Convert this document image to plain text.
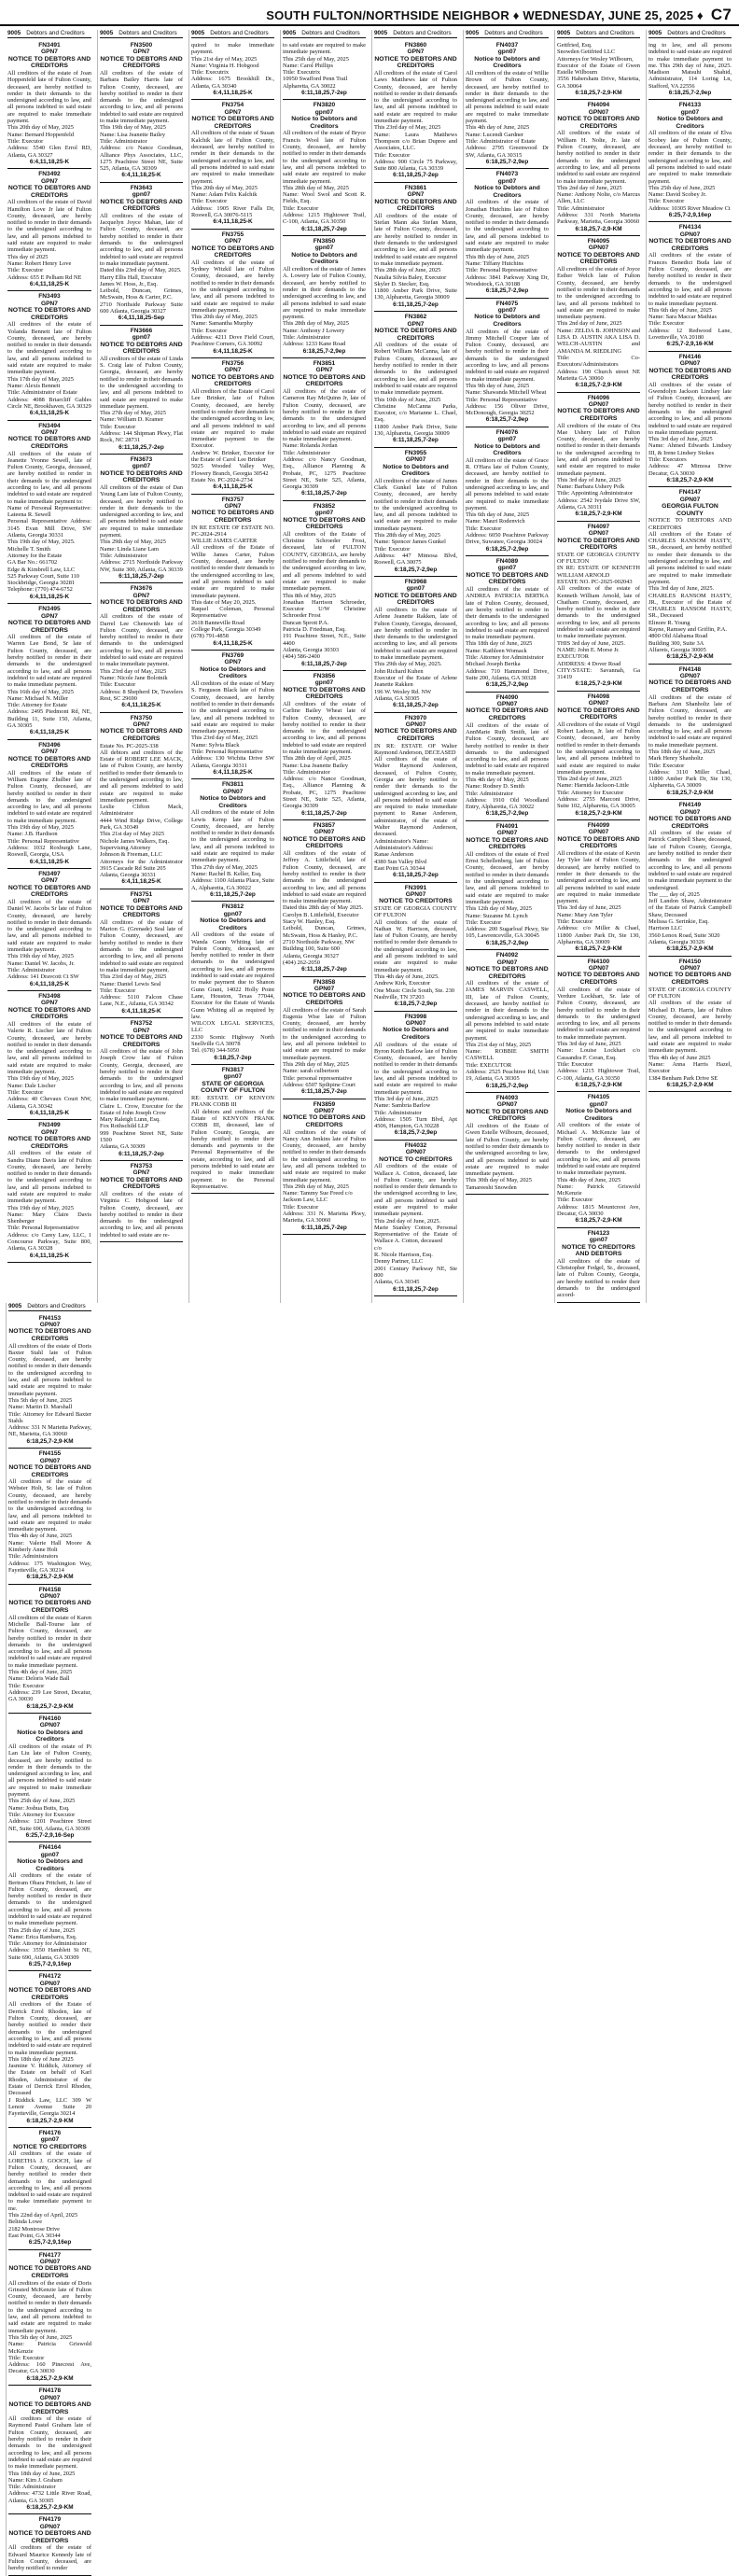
SOUTH FULTON/NORTHSIDE NEIGHBOR ♦ WEDNESDAY, JUNE 25, 2025 ♦ C7
9005 Debtors and Creditors
FN3491
GPN7
NOTICE TO DEBTORS AND CREDITORS
All creditors of the estate of Joan Hoppenfeld late of Fulton County, deceased, are hereby notified to render in their demands to the undersigned according to law, and all persons indebted to said estate are required to make immediate payment.
This 20th day of May, 2025
Name: Bernard Hoppenfeld
Title: Executor
Address: 5540 Glen Errol RD, Atlanta, GA 30327
6:4,11,18,25-K
FN3492
GPN7
NOTICE TO DEBTORS AND CREDITORS
All creditors of the estate of David Hamilton Love Jr late of Fulton County, deceased, are hereby notified to render in their demands to the undersigned according to law, and all persons indebted to said estate are required to make immediate payment.
This day of 2025
Name: Robert Henry Love
Title: Executor
Address: 655 E Pelham Rd NE
6:4,11,18,25-K
FN3493
GPN7
NOTICE TO DEBTORS AND CREDITORS
All creditors of the estate of Yolanda Bennett late of Fulton County, deceased, are hereby notified to render in their demands to the undersigned according to law, and all persons indebted to said estate are required to make immediate payment.
This 17th day of May, 2025
Name: Alexis Bennett
Title: Administrator of Estate
Address: 4088 Briarcliff Gables Circle NE, Brookhaven, GA 30329
6:4,11,18,25-K
FN3494
GPN7
NOTICE TO DEBTORS AND CREDITORS
All creditors of the estate of Jeanette Yvonne Sewell, late of Fulton County, Georgia, deceased, are hereby notified to render in their demands to the undersigned according to law, and all persons indebted to said estate are required to make immediate payment to:
Name of Personal Representative: Lateena R. Sewell
Personal Representative Address: 3145 Evan Mill Drive, SW Atlanta, Georgia 30331
This 19th day of May, 2025.
Michelle T. Smith
Attorney for the Estate
GA Bar No.: 661702
Edge & Kimbrell Law, LLC
525 Parkway Court, Suite 110
Stockbridge, Georgia 30281
Telephone: (770) 474-6752
6:4,11,18,25-K
FN3495
GPN7
NOTICE TO DEBTORS AND CREDITORS
All creditors of the estate of Warren Lee Bond, Sr late of Fulton County, deceased, are hereby notified to render in their demands to the undersigned according to law, and all persons indebted to said estate are required to make immediate payment.
This 16th day of May, 2025
Name: Michael N. Miller
Title: Attorney for Estate
Address: 2495 Piedmont Rd, NE, Building 11, Suite 150, Atlanta, GA 30305
6:4,11,18,25-K
FN3496
GPN7
NOTICE TO DEBTORS AND CREDITORS
All creditors of the estate of William Eugene Zhulber late of Fulton County, deceased, are hereby notified to render in their demands to the undersigned according to law, and all persons indebted to said estate are required to make immediate payment.
This 19th day of May, 2025
Name: J.B. Hardison
Title: Personal Representative
Address: 1032 Roxburgh Lane, Roswell, Georgia, USA
6:4,11,18,25-K
FN3497
GPN7
NOTICE TO DEBTORS AND CREDITORS
All creditors of the estate of Daniel W. Jacobs Sr late of Fulton County, deceased, are hereby notified to render in their demands to the undersigned according to law, and all persons indebted to said estate are required to make immediate payment.
This 19th day of May, 2025
Name: Daniel W. Jacobs, Jr.
Title: Administrator
Address: 141 Dravcott Ct SW
6:4,11,18,25-K
FN3498
GPN7
NOTICE TO DEBTORS AND CREDITORS
All creditors of the estate of Valerie R. Lischer late of Fulton County, deceased, are hereby notified to render in their demands to the undersigned according to law, and all persons indebted to said estate are required to make immediate payment.
This 19th day of May, 2025
Name: Dale Lischer
Title: Executor
Address: 40 Chevaux Court NW, Atlanta, GA 30342
6:4,11,18,25-K
FN3499
GPN7
NOTICE TO DEBTORS AND CREDITORS
All creditors of the estate of Sandra Diane Davis late of Fulton County, deceased, are hereby notified to render in their demands to the undersigned according to law, and all persons indebted to said estate are required to make immediate payment.
This 19th day of May, 2025
Name: Mary Claire Davis Shenberger
Title: Personal Representative
Address: c/o Carey Law, LLC, 1 Concourse Parkway, Suite 800, Atlanta, GA 30328
6:4,11,18,25-K
9005 Debtors and Creditors
FN3500
GPN7
NOTICE TO DEBTORS AND CREDITORS
All creditors of the estate of Barbara Bailey Harris late of Fulton County, deceased, are hereby notified to render in their demands to the undersigned according to law, and all persons indebted to said estate are required to make immediate payment.
This 19th day of May, 2025
Name: Lisa Jeanette Bailey
Title: Administrator
Address: c/o Nance Goodman, Alliance Phys Associates, LLC, 1275 Peachtree Street NE, Suite 525, Atlanta, GA 30309
6:4,11,18,25-K
FN3643
gpn07
NOTICE TO DEBTORS AND CREDITORS
All creditors of the estate of Jacquelyn Joyce Mahan, late of Fulton County, deceased, are hereby notified to render in their demands to the undersigned according to law, and all persons indebted to said estate are required to make immediate payment.
Dated this 23rd day of May, 2025.
Harry Ellis Hall, Executor
James W. Hoss, Jr., Esq.
Leibold, Duncan, Grimes, McSwain, Hoss & Carter, P.C.
2710 Northside Parkway Suite 600 Atlanta, Georgia 30327
6:4,11,18,25-Sep
FN3666
gpn07
NOTICE TO DEBTORS AND CREDITORS
All creditors of the estate of Linda S. Craig late of Fulton County, Georgia, deceased, are hereby notified to render in their demands to the undersigned according to law, and all persons indebted to said estate are required to make immediate payment.
This 27th day of May, 2025
Name: William D. Kramer
Title: Executor
Address: 144 Shipman Pkwy, Flat Rock, NC 28731
6:11,18,25,7-2ep
FN3673
gpn07
NOTICE TO DEBTORS AND CREDITORS
All creditors of the estate of Dan Young Lam late of Fulton County, deceased, are hereby notified to render in their demands to the undersigned according to law, and all persons indebted to said estate are required to make immediate payment.
This 29th day of May, 2025
Name: Linda Liane Lam
Title: Administrator
Address: 2715 Northside Parkway NW, Suite 300, Atlanta, GA 30339
6:11,18,25,7-2ep
FN3676
GPN7
NOTICE TO DEBTORS AND CREDITORS
All creditors of the estate of Darrel Lee Chenowith late of Fulton County, deceased, are hereby notified to render in their demands to the undersigned according to law, and all persons indebted to said estate are required to make immediate payment.
This 23rd day of May, 2025
Name: Nicole Jane Bolotnik
Title: Executor
Address: 8 Shepherd Dr, Travelers Rest, SC 29690
6:4,11,18,25-K
FN3750
GPN7
NOTICE TO DEBTORS AND CREDITORS
Estate No. PC-2025-338
All debtors and creditors of the Estate of ROBERT LEE MACK, late of Fulton County, are hereby notified to render their demands to the undersigned according to law, and all persons indebted to said estate are required to make immediate payment.
Leslie Clifton Mack, Administrator
4444 Wind Ridge Drive, College Park, GA 30349
This 21st day of May 2025
Nichole James Walkers, Esq.
Supervising Attorney
Johnson & Freeman, LLC
Attorneys for the Administrator 3915 Cascade Rd Suite 205
Atlanta, Georgia 30331
6:4,11,18,25-K
FN3751
GPN7
NOTICE TO DEBTORS AND CREDITORS
All creditors of the estate of Marion G. (Grenade) Seal late of Fulton County, deceased, are hereby notified to render in their demands to the undersigned according to law, and all persons indebted to said estate are required to make immediate payment.
This 23rd day of May, 2025
Name: Daniel Lewis Seal
Title: Executor
Address: 5110 Falcon Chase Lane, N.E., Atlanta, GA 30342
6:4,11,18,25-K
FN3752
GPN7
NOTICE TO DEBTORS AND CREDITORS
All creditors of the estate of John Joseph Crow late of Fulton County, Georgia, deceased, are hereby notified to render in their demands to the undersigned according to law, and all persons indebted to said estate are required to make immediate payment.
Claire L. Crow, Executor for the Estate of John Joseph Crow
Mary Raleigh Lunn, Esq.
Fox Rothschild LLP
999 Peachtree Street NE, Suite 1500
Atlanta, GA 30309
6:11,18,25,7-2ep
FN3753
GPN7
NOTICE TO DEBTORS AND CREDITORS
All creditors of the estate of Virginia C. Hobgood late of Fulton County, deceased, are hereby notified to render in their demands to the undersigned according to law, and all persons indebted to said estate are re-
9005 Debtors and Creditors
quired to make immediate payment.
This 21st day of May, 2025
Name: Virginia H. Hobgood
Title: Executrix
Address: 1675 Brookhill Dr., Atlanta, GA 30340
6:4,11,18,25-K
FN3754
GPN7
NOTICE TO DEBTORS AND CREDITORS
All creditors of the estate of Susan Kalchik late of Fulton County, deceased, are hereby notified to render in their demands to the undersigned according to law, and all persons indebted to said estate are required to make immediate payment.
This 20th day of May, 2025
Name: Adam Felix Kalchik
Title: Executor
Address: 1905 River Falls Dr, Roswell, GA 30076-5115
6:4,11,18,25-K
FN3755
GPN7
NOTICE TO DEBTORS AND CREDITORS
All creditors of the estate of Sydney Witzkil late of Fulton County, deceased, are hereby notified to render in their demands to the undersigned according to law, and all persons indebted to said estate are required to make immediate payment.
This 20th day of May, 2025
Name: Samantha Murphy
Title: Executor
Address: 4211 Dove Field Court, Peachtree Corners, GA 30092
6:4,11,18,25-K
FN3756
GPN7
NOTICE TO DEBTORS AND CREDITORS
All creditors of the Estate of Carol Lee Brinker, late of Fulton County, deceased, are hereby notified to render their demands to the undersigned according to law, and all persons indebted to said estate are required to make immediate payment to the Executor.
Andrew W. Brinker, Executor for the Estate of Carol Lee Brinker
5025 Wooded Valley Way, Flowery Branch, Georgia 30542
Estate No. PC-2024-2734
6:4,11,18,25-K
FN3757
GPN7
NOTICE TO DEBTORS AND CREDITORS
IN RE ESTATE OF ESTATE NO. PC-2024-2914
WILLIE JAMES CARTER
All creditors of the Estate of Willie James Carter, Fulton County, deceased, are hereby notified to render their demands to the undersigned according to law, and all persons indebted to said estate are required to make immediate payment.
This date of May 20, 2025.
Raquel Coleman, Personal Representative
2618 Banneville Road
College Park, Georgia 30349
(678) 791-4858
6:4,11,18,25-K
FN3769
GPN7
Notice to Debtors and Creditors
All creditors of the estate of Mary S. Ferguson Black late of Fulton County, deceased, are hereby notified to render in their demands to the undersigned according to law, and all persons indebted to said estate are required to make immediate payment.
This 23rd day of May, 2025
Name: Sylvia Black
Title: Personal Representative
Address: 130 Wichita Drive SW Atlanta, Georgia 30311
6:4,11,18,25-K
FN3811
GPN07
Notice to Debtors and Creditors
All creditors of the estate of John Lewis Kemp late of Fulton County, deceased, are hereby notified to render in their demands to the undersigned according to law, and all persons indebted to said estate are required to make immediate payment.
This 27th day of May, 2025
Name: Rachel B. Keller, Esq.
Address: 1100 Atlanta Place, Suite A, Alpharetta, GA 30022
6:11,18,25,7-2ep
FN3812
gpn07
Notice to Debtors and Creditors
All creditors of the estate of Wanda Gunn Whiting late of Fulton County, deceased, are hereby notified to render in their demands to the undersigned according to law, and all persons indebted to said estate are required to make payment due to Shanon Gunn Grant, 14022 Holly Point Lane, Houston, Texas 77044, Executor for the Estate of Wanda Gunn Whiting all as required by law.
WILCOX LEGAL SERVICES, LLC
2330 Scenic Highway North Snellville GA 30078
Tel. (678) 344-5050
6:18,25,7-2ep
FN3817
gpn07
STATE OF GEORGIA COUNTY OF FULTON
RE: ESTATE OF KENYON FRANK COBB III
All debtors and creditors of the Estate of KENYON FRANK COBB III, deceased, late of Fulton County, Georgia, are hereby notified to render their demands and payments to the Personal Representative of the estate, according to law, and all persons indebted to said estate are required to make immediate payment to the Personal Representative.
9005 Debtors and Creditors
to said estate are required to make immediate payment.
This 25th day of May, 2025
Name: Carol Phillips
Title: Executrix
10950 Swafford Penn Trail
Alpharetta, GA 30022
6:11,18,25,7-2ep
FN3820
gpn07
Notice to Debtors and Creditors
All creditors of the estate of Bryce Francis Wool late of Fulton County, deceased, are hereby notified to render in their demands to the undersigned according to law, and all persons indebted to said estate are required to make immediate payment.
This 28th day of May, 2025
Name: Wool Swol and Scott R. Fields, Esq.
Title: Executor
Address: 1215 Hightower Trail, C-100, Atlanta, GA 30350
6:11,18,25,7-2ep
FN3850
gpn07
Notice to Debtors and Creditors
All creditors of the estate of James A. Lowery late of Fulton County, deceased, are hereby notified to render in their demands to the undersigned according to law, and all persons indebted to said estate are required to make immediate payment.
This 28th day of May, 2025
Name: Anthony J Lowery
Title: Administrator
Address: 1233 Kane Road
6:18,25,7-2,9ep
FN3851
GPN7
NOTICE TO DEBTORS AND CREDITORS
All creditors of the estate of Cameron Ray McQuinn Jr, late of Fulton County, deceased, are hereby notified to render in their demands to the undersigned according to law, and all persons indebted to said estate are required to make immediate payment.
Name: Rolanda Jordan
Title: Administrator
Address: c/o Nancy Goodman, Esq., Alliance Planning & Probate, PC, 1275 Peachtree Street NE, Suite 525, Atlanta, Georgia 30309
6:11,18,25,7-2ep
FN3852
gpn07
NOTICE TO DEBTORS AND CREDITORS
All creditors of the Estate of Christine Schroeder Frost, deceased, late of FULTON COUNTY, GEORGIA, are hereby notified to render their demands to the undersigned according to law, and all persons indebted to said estate are required to make immediate payment.
This 8th of May, 2025
Jonathan Harrison Schroeder, Executor U/W Christine Schroeder Frost
Duncan Sprott P.A.
Patricia D. Friedman, Esq.
191 Peachtree Street, N.E., Suite 4400
Atlanta, Georgia 30303
(404) 586-2400
6:11,18,25,7-2ep
FN3856
gpn07
NOTICE TO DEBTORS AND CREDITORS
All creditors of the estate of Carline Bailey Wheat late of Fulton County, deceased, are hereby notified to render in their demands to the undersigned according to law, and all persons indebted to said estate are required to make immediate payment.
This 28th day of April, 2025
Name: Lisa Jeanette Bailey
Title: Administrator
Address: c/o Nance Goodman, Esq., Alliance Planning & Probate, PC, 1275 Peachtree Street NE, Suite 525, Atlanta, Georgia 30309
6:11,18,25,7-2ep
FN3857
GPN07
NOTICE TO DEBTORS AND CREDITORS
All creditors of the estate of Jeffrey A. Littlefield, late of Fulton County, deceased, are hereby notified to render in their demands to the undersigned according to law, and all persons indebted to said estate are required to make immediate payment.
Dated this 28th day of May 2025.
Carolyn B. Littlefield, Executor
Stacy W. Hanley, Esq.
Leibold, Duncan, Grimes, McSwain, Hoss & Hanley, P.C.
2710 Northside Parkway, NW
Building 100, Suite 600
Atlanta, Georgia 30327
(404) 262-2050
6:11,18,25,7-2ep
FN3858
GPN07
NOTICE TO DEBTORS AND CREDITORS
All creditors of the estate of Sarah Eugenia Wise late of Fulton County, deceased, are hereby notified to render in their demands to the undersigned according to law, and all persons indebted to said estate are required to make immediate payment.
This 29th day of May, 2025
Name: sarah culbertson
Title: personal representative
Address: 6507 Spiltpine Court
6:11,18,25,7-2ep
FN3859
GPN07
NOTICE TO DEBTORS AND CREDITORS
All creditors of the estate of Nancy Ann Jenkins late of Fulton County, deceased, are hereby notified to render in their demands to the undersigned according to law, and all persons indebted to said estate are required to make immediate payment.
This 29th day of May, 2025
Name: Tammy Sue Freed c/o
Jackson Law, LLC
Title: Executor
Address: 331 N. Marietta Pkwy, Marietta, GA 30060
6:11,18,25,7-2ep
9005 Debtors and Creditors
FN3860
GPN7
NOTICE TO DEBTORS AND CREDITORS
All creditors of the estate of Carol Laws Matthews late of Fulton County, deceased, are hereby notified to render in their demands to the undersigned according to law, and all persons indebted to said estate are required to make immediate payment.
This 23rd day of May, 2025
Name: Laura Matthews Thompson c/o Brian Dupree and Associates, LLC.
Title: Executor
Address: 900 Circle 75 Parkway, Suite 800 Atlanta, GA 30339
6:11,18,25,7-2ep
FN3861
GPN7
NOTICE TO DEBTORS AND CREDITORS
All creditors of the estate of Stefan Mann aka Stefan Mann, late of Fulton County, deceased, are hereby notified to render in their demands to the undersigned according to law, and all persons indebted to said estate are required to make immediate payment.
This 28th day of June, 2025
Natalia Silvia Baley, Executor
Skyler D. Stecker, Esq.
11800 Amber Park Drive, Suite 130, Alpharetta, Georgia 30009
6:11,18,25,7-2ep
FN3862
GPN7
NOTICE TO DEBTORS AND CREDITORS
All creditors of the estate of Robert William McCanna, late of Fulton County, deceased, are hereby notified to render in their demands to the undersigned according to law, and all persons indebted to said estate are required to make immediate payment.
This 10th day of June, 2025
Christine McCanna Parks, Executor, c/o Marianne L. Chael, Esq.
11800 Amber Park Drive, Suite 130, Alpharetta, Georgia 30009
6:11,18,25,7-2ep
FN3955
GPN07
Notice to Debtors and Creditors
All creditors of the estate of James Clark Gunkel late of Fulton County, deceased, are hereby notified to render in their demands to the undersigned according to law, and all persons indebted to said estate are required to make immediate payment.
This 28th day of May, 2025
Name: Spencer James Gunkel
Title: Executor
Address: 447 Mimosa Blvd, Roswell, GA 30075
6:18,25,7-2,9ep
FN3968
gpn07
NOTICE TO DEBTORS AND CREDITORS
All creditors to the estate of Arlene Jeanette Rakken, late of Fulton County, Georgia, deceased, are hereby notified to render in their demands to the undersigned according to law, and all persons indebted to said estate are required to make immediate payment.
This 29th day of May, 2025.
John Richard Kuhen
Executor of the Estate of Arlene Jeanette Rakken
196 W. Wesley Rd. NW
Atlanta, GA 30305
6:11,18,25,7-2ep
FN3970
GPN07
NOTICE TO DEBTORS AND CREDITORS
IN RE: ESTATE OF Walter Raymond Anderson, DECEASED
All creditors of the estate of Walter Raymond Anderson, deceased, of Fulton County, Georgia are hereby notified to render their demands to the undersigned according to law, and all persons indebted to said estate are required to make immediate payment to Ranae Anderson, administrator, of the estate of Walter Raymond Anderson, deceased.
Administrator's Name:
Administrator's Address:
Ranae Anderson
4380 Sun Valley Blvd
East Point GA 30344
6:11,18,25,7-2ep
FN3991
GPN07
NOTICE TO CREDITORS
STATE OF GEORGIA COUNTY OF FULTON
All creditors of the estate of Nathan W. Harrison, deceased, late of Fulton County, are hereby notified to render their demands to the undersigned according to law, and all persons indebted to said estate are required to make immediate payment.
This 4th day of June, 2025.
Andrew Kirk, Executor
One Music Circle South, Ste. 230
Nashville, TN 37203
6:18,25,7-2,9ep
FN3998
GPN07
Notice to Debtors and Creditors
All creditors of the estate of Byron Keith Barlow late of Fulton County, deceased, are hereby notified to render in their demands to the undersigned according to law, and all persons indebted to said estate are required to make immediate payment.
This 3rd day of June, 2025
Name: Sambria Barlow
Title: Administrator
Address: 1505 Turn Blvd, Apt 4506, Hampton, GA 30228
6:18,25,7-2,9ep
FN4032
GPN07
NOTICE TO CREDITORS
All creditors of the estate of Wallace A. Cotton, deceased, late of Fulton County, are hereby notified to render their demands to the undersigned according to law, and all persons indebted to said estate are required to make immediate payment.
This 2nd day of June, 2025.
Marie Stanley Cotton, Personal Representative of the Estate of Wallace A. Cotton, deceased
c/o
R. Nicole Harrison, Esq.
Denny Partner, LLC
2001 Century Parkway NE, Ste 800
Atlanta, GA 30345
6:11,18,25,7-2ep
9005 Debtors and Creditors
FN4037
gpn07
Notice to Debtors and Creditors
All creditors of the estate of Willie Brown of Fulton County, deceased, are hereby notified to render in their demands to the undersigned according to law, and all persons indebted to said estate are required to make immediate payment.
This 4th day of June, 2025
Name: Lucendi Gardner
Title: Administrator of Estate
Address: 2795 Greenwood Dr SW, Atlanta, GA 30315
6:18,25,7-2,9ep
FN4073
gpn07
Notice to Debtors and Creditors
All creditors of the estate of Jonathan Hutchins late of Fulton County, deceased, are hereby notified to render in their demands to the undersigned according to law, and all persons indebted to said estate are required to make immediate payment.
This 8th day of June, 2025
Name: Tiffany Hutchins
Title: Personal Representative
Address: 3841 Parkway Xing Dr, Woodstock, GA 30188
6:18,25,7-2,9ep
FN4075
gpn07
Notice to Debtors and Creditors
All creditors of the estate of Jimmy Mitchell Couper late of Fulton County, deceased, are hereby notified to render in their demands to the undersigned according to law, and all persons indebted to said estate are required to make immediate payment.
This 9th day of June, 2025
Name: Shawanda Mitchell Wheat
Title: Personal Representative
Address: 156 Oliver Drive, McDonough, Georgia 30252
6:18,25,7-2,9ep
FN4076
gpn07
Notice to Debtors and Creditors
All creditors of the estate of Grace R. O'Hara late of Fulton County, deceased, are hereby notified to render in their demands to the undersigned according to law, and all persons indebted to said estate are required to make immediate payment.
This 6th day of June, 2025
Name: Mauri Rodenvich
Title: Executor
Address: 6050 Peachtree Parkway Drive, Suwanee, Georgia 30024
6:18,25,7-2,9ep
FN4089
gpn07
NOTICE TO DEBTORS AND CREDITORS
All creditors of the estate of ANDREA PATRICIA BERTKA late of Fulton County, deceased, are hereby notified to render in their demands to the undersigned according to law, and all persons indebted to said estate are required to make immediate payment.
This 18th day of June, 2025
Name: Kathleen Womack
Title: Attorney for Administrator
Michael Joseph Bertka
Address: 710 Hammond Drive, Suite 200, Atlanta, GA 30328
6:18,25,7-2,9ep
FN4090
GPN07
NOTICE TO DEBTORS AND CREDITORS
All creditors of the estate of AnnMarie Ruth Smith, late of Fulton County, deceased, are hereby notified to render in their demands to the undersigned according to law, and all persons indebted to said estate are required to make immediate payment.
This 4th day of May, 2025
Name: Rodney D. Smith
Title: Administrator
Address: 1910 Old Woodland Entry, Alpharetta, GA 30022
6:18,25,7-2,9ep
FN4091
GPN07
NOTICE TO DEBTORS AND CREDITORS
All creditors of the estate of Fred Ernst Schellenberg, late of Fulton County, deceased, are hereby notified to render in their demands to the undersigned according to law, and all persons indebted to said estate are required to make immediate payment.
This 12th day of May, 2025
Name: Suzanne M. Lynch
Title: Executor
Address: 200 Sugarloaf Pkwy, Ste 105, Lawrenceville, GA 30045
6:18,25,7-2,9ep
FN4092
GPN07
NOTICE TO DEBTORS AND CREDITORS
All creditors of the estate of JAMES MARVIN CASWELL, III, late of Fulton County, deceased, are hereby notified to render in their demands to the undersigned according to law, and all persons indebted to said estate are required to make immediate payment.
This 21st day of May, 2025
Name: ROBBIE SMITH CASWELL
Title: EXECUTOR
Address: 2525 Peachtree Rd, Unit 19, Atlanta, GA 30305
6:18,25,7-2,9ep
FN4093
GPN07
NOTICE TO DEBTORS AND CREDITORS
All creditors of the Estate of Gwen Estelle Wilbourn, deceased, late of Fulton County, are hereby notified to render their demands to the undersigned according to law, and all persons indebted to said estate are required to make immediate payment.
This 30th day of May, 2025
Tamareeshi Snowden
9005 Debtors and Creditors
Gettfried, Esq.
Snowden Gettfried LLC
Attorneys for Wesley Wilbourn,
Executor of the Estate of Gwen Estelle Wilbourn
3556 Habersham Drive, Marietta, GA 30064
6:18,25,7-2,9-KM
FN4094
GPN07
NOTICE TO DEBTORS AND CREDITORS
All creditors of the estate of William H. Nolte, Jr. late of Fulton County, deceased, are hereby notified to render in their demands to the undersigned according to law, and all persons indebted to said estate are required to make immediate payment.
This 2nd day of June, 2025
Name: Anthony Nolte, c/o Marcus Allen, LLC
Title: Administrator
Address: 331 North Marietta Parkway, Marietta, Georgia 30060
6:18,25,7-2,9-KM
FN4095
GPN07
NOTICE TO DEBTORS AND CREDITORS
All creditors of the estate of Joyce Esther Welch late of Fulton County, deceased, are hereby notified to render in their demands to the undersigned according to law, and all persons indebted to said estate are required to make immediate payment.
This 2nd day of June, 2025
Name: ZELDA B. JOHNSON and LISA D. AUSTIN AKA LISA D. WELCH-AUSTIN and AMANDA M. RIEDLING
Title: Co-Executors/Administrators
Address: 190 Church street NE Marietta GA 30060
6:18,25,7-2,9-KM
FN4096
GPN07
NOTICE TO DEBTORS AND CREDITORS
All creditors of the estate of Ora Mae Ushery late of Fulton County, deceased, are hereby notified to render in their demands to the undersigned according to law, and all persons indebted to said estate are required to make immediate payment.
This 3rd day of June, 2025
Name: Barbara Ushery Polk
Title: Appointing Administrator
Address: 2542 Ivydale Drive SW, Atlanta, GA 30311
6:18,25,7-2,9-KM
FN4097
GPN07
NOTICE TO DEBTORS AND CREDITORS
STATE OF GEORGIA COUNTY OF FULTON
IN RE: ESTATE OF KENNETH WILLIAM ARNOLD
ESTATE NO. PC-2025-002043
All creditors of the estate of Kenneth William Arnold, late of Chatham County, deceased, are hereby notified to render in their demands to the undersigned according to law, and all persons indebted to said estate are required to make immediate payment.
THIS 3rd day of June, 2025.
NAME: John E. Morse Jr.
EXECUTOR
ADDRESS: 4 Dover Road
CITY/STATE: Savannah, Ga 31419
6:18,25,7-2,9-KM
FN4098
GPN07
NOTICE TO DEBTORS AND CREDITORS
All creditors of the estate of Virgil Robert Ladson, Jr. late of Fulton County, deceased, are hereby notified to render in their demands to the undersigned according to law, and all persons indebted to said estate are required to make immediate payment.
This 2nd day of June, 2025
Name: Harnida Jackson-Little
Title: Attorney for Executor
Address: 2755 Marconi Drive, Suite 102, Alpharetta, GA 30005
6:18,25,7-2,9-KM
FN4099
GPN07
NOTICE TO DEBTORS AND CREDITORS
All creditors of the estate of Kevin Jay Tyler late of Fulton County, deceased, are hereby notified to render in their demands to the undersigned according to law, and all persons indebted to said estate are required to make immediate payment.
This 3rd day of June, 2025
Name: Mary Ann Tyler
Title: Executor
Address: c/o Miller & Chael, 11800 Amber Park Dr, Ste 130, Alpharetta, GA 30009
6:18,25,7-2,9-KM
FN4100
GPN07
NOTICE TO DEBTORS AND CREDITORS
All creditors of the estate of Verdure Lockhart, Sr. late of Fulton County, deceased, are hereby notified to render in their demands to the undersigned according to law, and all persons indebted to said estate are required to make immediate payment.
This 3rd day of June, 2025
Name: Louise Lockhart c/o Cassandra F. Ceran, Esq.
Title: Executor
Address: 1215 Hightower Trail, C-100, Atlanta, GA 30350
6:18,25,7-2,9-KM
FN4105
gpn07
Notice to Debtors and Creditors
All creditors of the estate of Michael A. McKenzie late of Fulton County, deceased, are hereby notified to render in their demands to the undersigned according to law, and all persons indebted to said estate are required to make immediate payment.
This 4th day of June, 2025
Name: Patrick Griswold McKenzie
Title: Executor
Address: 1815 Mountcrest Ave, Decatur, GA 30030
6:18,25,7-2,9-KM
FN4123
gpn07
NOTICE TO CREDITORS AND DEBTORS
All creditors of the estate of Christopher Fedgel, Sr., deceased, late of Fulton County, Georgia, are hereby notified to render their demands to the undersigned accord-
9005 Debtors and Creditors
ing to law, and all persons indebted to said estate are required to make immediate payment to me. This 29th day of June, 2025. Madison Matsuhi Shahid, Administrator, 114 Loring Ln, Stafford, VA 22556
6:18,25,7-2,9ep
FN4133
gpn07
Notice to Debtors and Creditors
All creditors of the estate of Elva Scobey late of Fulton County, deceased, are hereby notified to render in their demands to the undersigned according to law, and all persons indebted to said estate are required to make immediate payment.
This 25th day of June, 2025
Name: David Scobey Jr.
Title: Executor
Address: 10305 River Meadow Ct
6:25,7-2,9,16ep
FN4134
GPN07
NOTICE TO DEBTORS AND CREDITORS
All creditors of the estate of Frances Benedict Buda late of Fulton County, deceased, are hereby notified to render in their demands to the undersigned according to law, and all persons indebted to said estate are required to make immediate payment.
This 6th day of June, 2025
Name: Sara Maccar Mathias
Title: Executor
Address: 12 Redwood Lane, Lovettsville, VA 20180
6:25,7-2,9,16-KM
FN4146
GPN07
NOTICE TO DEBTORS AND CREDITORS
All creditors of the estate of Gwendolyn Jackson Lindsey late of Fulton County, deceased, are hereby notified to render in their demands to the undersigned according to law, and all persons indebted to said estate are required to make immediate payment.
This 3rd day of June, 2025
Name: Ahmed Edwards Lindsey III, & Irene Lindsey Stokes
Title: Executors
Address: 47 Mimosa Drive Decatur, GA 30030
6:18,25,7-2,9-KM
FN4147
GPN07
GEORGIA FULTON COUNTY
NOTICE TO DEBTORS AND CREDITORS
All creditors of the Estate of CHARLES RANSOM HASTY, SR., deceased, are hereby notified to render their demands to the undersigned according to law, and all persons indebted to said estate are required to make immediate payment.
This 3rd day of June, 2025.
CHARLES RANSOM HASTY, JR., Executor of the Estate of CHARLES RANSOM HASTY, SR., Deceased
Elinore R. Young
Rayne, Ramsey and Griffin, P.A.
4800 Old Alabama Road
Building 300, Suite 3A
Alfarets, Georgia 30005
6:18,25,7-2,9-KM
FN4148
GPN07
NOTICE TO DEBTORS AND CREDITORS
All creditors of the estate of Barbara Ann Shanholtz late of Fulton County, deceased, are hereby notified to render in their demands to the undersigned according to law, and all persons indebted to said estate are required to make immediate payment.
This 18th day of June, 2025
Mark Henry Shanholtz
Title: Executor
Address: 3110 Miller Chael, 11800 Amber Park Dr, Ste 130, Alpharetta, GA 30009
6:18,25,7-2,9-KM
FN4149
GPN07
NOTICE TO DEBTORS AND CREDITORS
All creditors of the estate of Patrick Campbell Shaw, deceased, late of Fulton County, Georgia, are hereby notified to render their demands to the undersigned according to law, and all persons indebted to said estate are required to make immediate payment to the undersigned.
The ___ day of, 2025
Jeff Landon Shaw, Administrator of the Estate of Patrick Campbell Shaw, Deceased
Melissa G. Serinkie, Esq.
Harrison LLC
3560 Lenox Road, Suite 3020
Atlanta, Georgia 30326
6:18,25,7-2,9-KM
FN4150
GPN07
NOTICE TO DEBTORS AND CREDITORS
STATE OF GEORGIA COUNTY OF FULTON
All creditors of the estate of Michael D. Harris, late of Fulton County, deceased, are hereby notified to render in their demands to the undersigned according to law, and all persons indebted to said estate are required to make immediate payment.
This 4th day of June 2025
Name: Anna Harris Hazel, Executor
1384 Benham Park Drive SE
6:18,25,7-2,9-KM
9005 Debtors and Creditors
FN4153
GPN07
NOTICE TO DEBTORS AND CREDITORS
All creditors of the estate of Doris Baxter Stahl late of Fulton County, deceased, are hereby notified to render in their demands to the undersigned according to law, and all persons indebted to said estate are required to make immediate payment.
This 5th day of June, 2025
Name: Martin D. Marshall
Title: Attorney for Edward Baxter Stahls
Address: 331 N Marietta Parkway, NE, Marietta, GA 30060
6:18,25,7-2,9-KM
FN4155
GPN07
NOTICE TO DEBTORS AND CREDITORS
All creditors of the estate of Webster Holt, Sr. late of Fulton County, deceased, are hereby notified to render in their demands to the undersigned according to law, and all persons indebted to said estate are required to make immediate payment.
This 4th day of June, 2025
Name: Valerie Hall Moore & Kimberly Anne Holt
Title: Administrators
Address: 175 Washington Way, Fayetteville, GA 30214
6:18,25,7-2,9-KM
FN4158
GPN07
NOTICE TO DEBTORS AND CREDITORS
All creditors of the estate of Karen Michelle Ball-Tourse late of Fulton County, deceased, are hereby notified to render in their demands to the undersigned according to law, and all persons indebted to said estate are required to make immediate payment.
This 4th day of June, 2025
Name: Deloris Wade Ball
Title: Executor
Address: 239 Lee Street, Decatur, GA 30030
6:18,25,7-2,9-KM
FN4160
GPN07
Notice to Debtors and Creditors
All creditors of the estate of Pi Lan Liu late of Fulton County, deceased, are hereby notified to render in their demands to the undersigned according to law, and all persons indebted to said estate are required to make immediate payment.
This 25th day of June, 2025
Name: Joshua Butts, Esq.
Title: Attorney for Executor
Address: 1201 Peachtree Street NE, Suite 690, Atlanta, GA 30309
6:25,7-2,9,16-Sep
FN4164
gpn07
Notice to Debtors and Creditors
All creditors of the estate of Bertram Ohara Pritchett, Jr. late of Fulton County, deceased, are hereby notified to render in their demands to the undersigned according to law, and all persons indebted to said estate are required to make immediate payment.
This 25th day of June, 2025
Name: Erica Rambarra, Esq.
Title: Attorney for Administrator
Address: 3550 Hamblett St NE, Suite 690, Atlanta, GA 30309
6:25,7-2,9,16ep
FN4172
GPN07
NOTICE TO DEBTORS AND CREDITORS
All creditors of the Estate of Derrick Errol Rhoden, late of Fulton County, deceased, are hereby notified to render their demands to the undersigned according to law, and all persons indebted to said estate are required to make immediate payment.
This 18th day of June 2025
Jasmine V. Riddick, Attorney of the Estate on behalf of Karl Rhoden, Administrator of the Estate of Derrick Errol Rhoden, Deceased
J Riddick Law, LLC 309 W Lenoir Avenue Suite 20 Fayetteville, Georgia 30214
6:18,25,7-2,9-KM
FN4176
gpn07
NOTICE TO CREDITORS
All creditors of the estate of LORETHA J. GOOCH, late of Fulton County, deceased, are hereby notified to render their demands to the undersigned according to law, and all persons indebted to said estate are required to make immediate payment to me.
This 22nd day of April, 2025
Belinda Lowe
2182 Montrose Drive
East Point, GA 30344
6:25,7-2,9,16ep
FN4177
GPN07
NOTICE TO DEBTORS AND CREDITORS
All creditors of the estate of Doris Grinsted McKenzie late of Fulton County, deceased, are hereby notified to render in their demands to the undersigned according to law, and all persons indebted to said estate are required to make immediate payment.
This 5th day of June, 2025
Name: Patricia Griswold McKenzie
Title: Executor
Address: 160 Pinecrest Ave, Decatur, GA 30030
6:18,25,7-2,9-KM
FN4178
GPN07
NOTICE TO DEBTORS AND CREDITORS
All creditors of the estate of Raymond Pastel Graham late of Fulton County, deceased, are hereby notified to render in their demands to the undersigned according to law, and all persons indebted to said estate are required to make immediate payment.
This 18th day of June, 2025
Name: Kim J. Graham
Title: Administrator
Address: 4732 Little River Road, Atlanta, GA 30305
6:18,25,7-2,9-KM
FN4179
GPN07
NOTICE TO DEBTORS AND CREDITORS
All creditors of the estate of Edward Maurice Kennedy late of Fulton County, deceased, are hereby notified to render
